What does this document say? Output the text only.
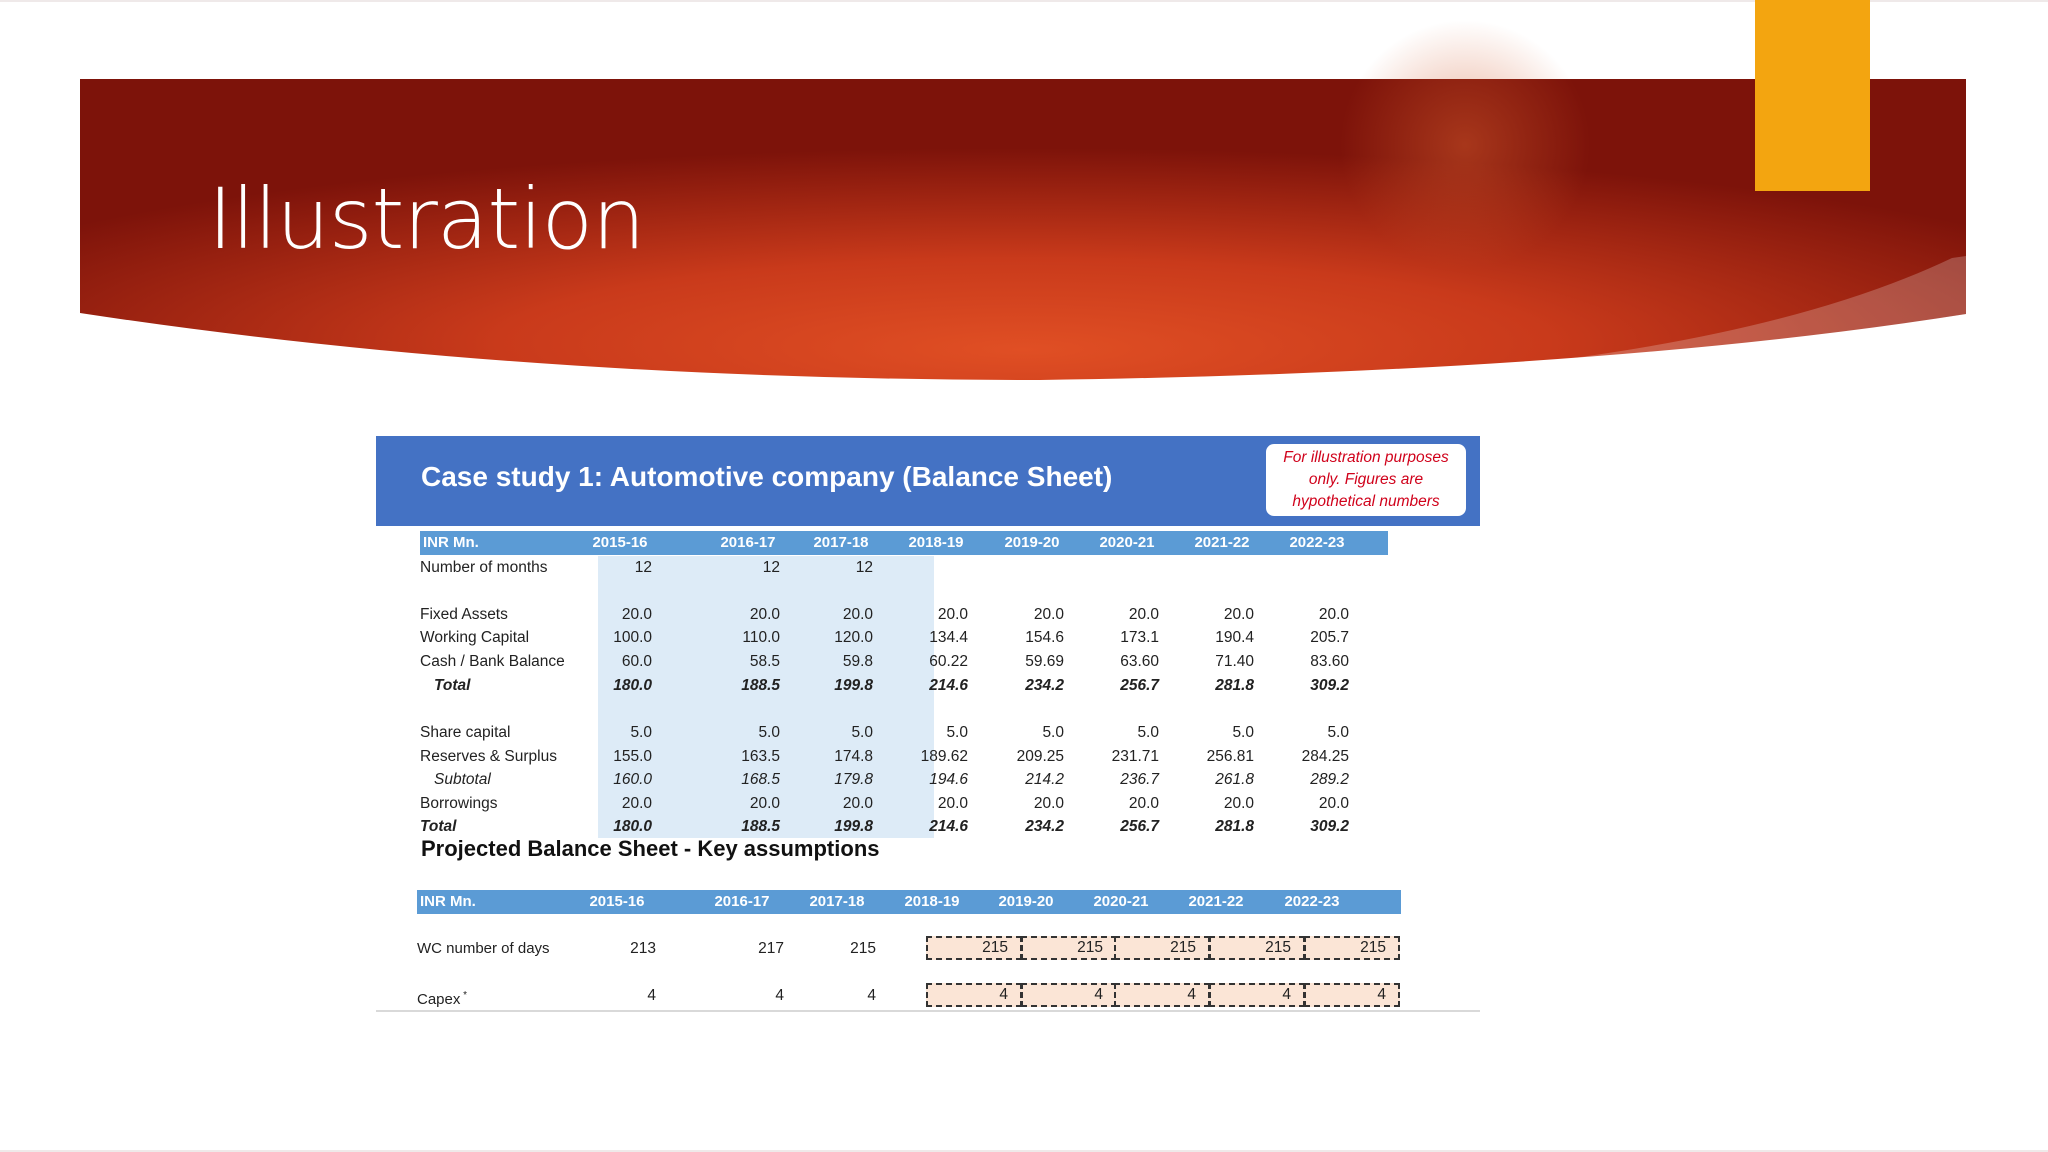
Illustration
Case study 1: Automotive company (Balance Sheet)
For illustration purposes
only. Figures are
hypothetical numbers
INR Mn.	2015-16	2016-17	2017-18	2018-19	2019-20	2020-21	2021-22	2022-23
Number of months	12	12	12
Fixed Assets	20.0	20.0	20.0	20.0	20.0	20.0	20.0	20.0
Working Capital	100.0	110.0	120.0	134.4	154.6	173.1	190.4	205.7
Cash / Bank Balance	60.0	58.5	59.8	60.22	59.69	63.60	71.40	83.60
Total	180.0	188.5	199.8	214.6	234.2	256.7	281.8	309.2
Share capital	5.0	5.0	5.0	5.0	5.0	5.0	5.0	5.0
Reserves & Surplus	155.0	163.5	174.8	189.62	209.25	231.71	256.81	284.25
Subtotal	160.0	168.5	179.8	194.6	214.2	236.7	261.8	289.2
Borrowings	20.0	20.0	20.0	20.0	20.0	20.0	20.0	20.0
Total	180.0	188.5	199.8	214.6	234.2	256.7	281.8	309.2
Projected Balance Sheet - Key assumptions
INR Mn.	2015-16	2016-17	2017-18	2018-19	2019-20	2020-21	2021-22	2022-23
WC number of days	213	217	215	215	215	215	215	215
Capex *	4	4	4	4	4	4	4	4
